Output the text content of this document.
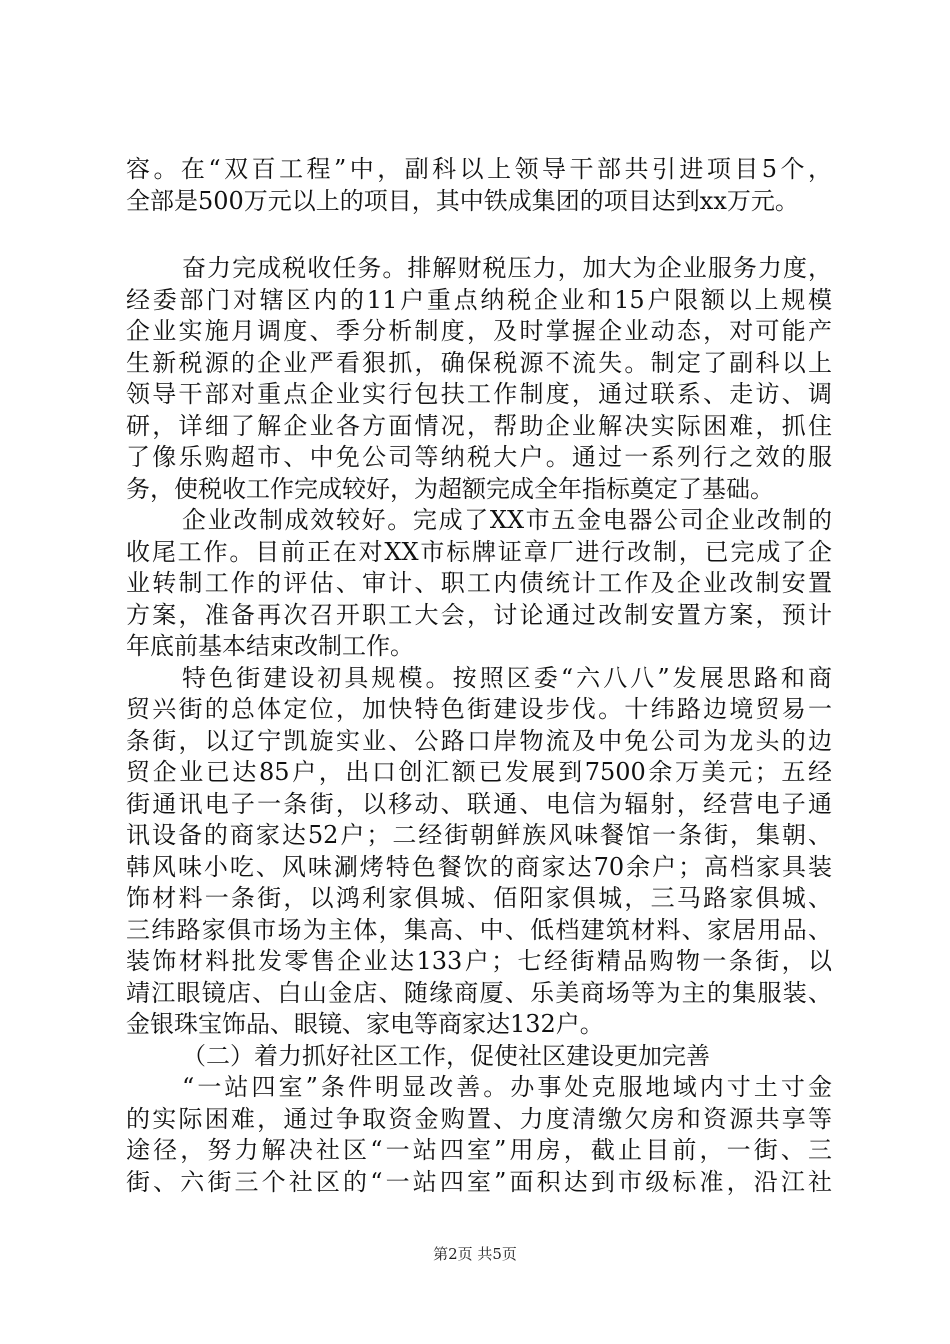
容。在“双百工程”中，副科以上领导干部共引进项目5个，
全部是500万元以上的项目，其中铁成集团的项目达到xx万元。
奋力完成税收任务。排解财税压力，加大为企业服务力度，
经委部门对辖区内的11户重点纳税企业和15户限额以上规模
企业实施月调度、季分析制度，及时掌握企业动态，对可能产
生新税源的企业严看狠抓，确保税源不流失。制定了副科以上
领导干部对重点企业实行包扶工作制度，通过联系、走访、调
研，详细了解企业各方面情况，帮助企业解决实际困难，抓住
了像乐购超市、中免公司等纳税大户。通过一系列行之效的服
务，使税收工作完成较好，为超额完成全年指标奠定了基础。
企业改制成效较好。完成了XX市五金电器公司企业改制的
收尾工作。目前正在对XX市标牌证章厂进行改制，已完成了企
业转制工作的评估、审计、职工内债统计工作及企业改制安置
方案，准备再次召开职工大会，讨论通过改制安置方案，预计
年底前基本结束改制工作。
特色街建设初具规模。按照区委“六八八”发展思路和商
贸兴街的总体定位，加快特色街建设步伐。十纬路边境贸易一
条街，以辽宁凯旋实业、公路口岸物流及中免公司为龙头的边
贸企业已达85户，出口创汇额已发展到7500余万美元；五经
街通讯电子一条街，以移动、联通、电信为辐射，经营电子通
讯设备的商家达52户；二经街朝鲜族风味餐馆一条街，集朝、
韩风味小吃、风味涮烤特色餐饮的商家达70余户；高档家具装
饰材料一条街，以鸿利家俱城、佰阳家俱城，三马路家俱城、
三纬路家俱市场为主体，集高、中、低档建筑材料、家居用品、
装饰材料批发零售企业达133户；七经街精品购物一条街，以
靖江眼镜店、白山金店、随缘商厦、乐美商场等为主的集服装、
金银珠宝饰品、眼镜、家电等商家达132户。
（二）着力抓好社区工作，促使社区建设更加完善
“一站四室”条件明显改善。办事处克服地域内寸土寸金
的实际困难，通过争取资金购置、力度清缴欠房和资源共享等
途径，努力解决社区“一站四室”用房，截止目前，一街、三
街、六街三个社区的“一站四室”面积达到市级标准，沿江社
第2页 共5页
